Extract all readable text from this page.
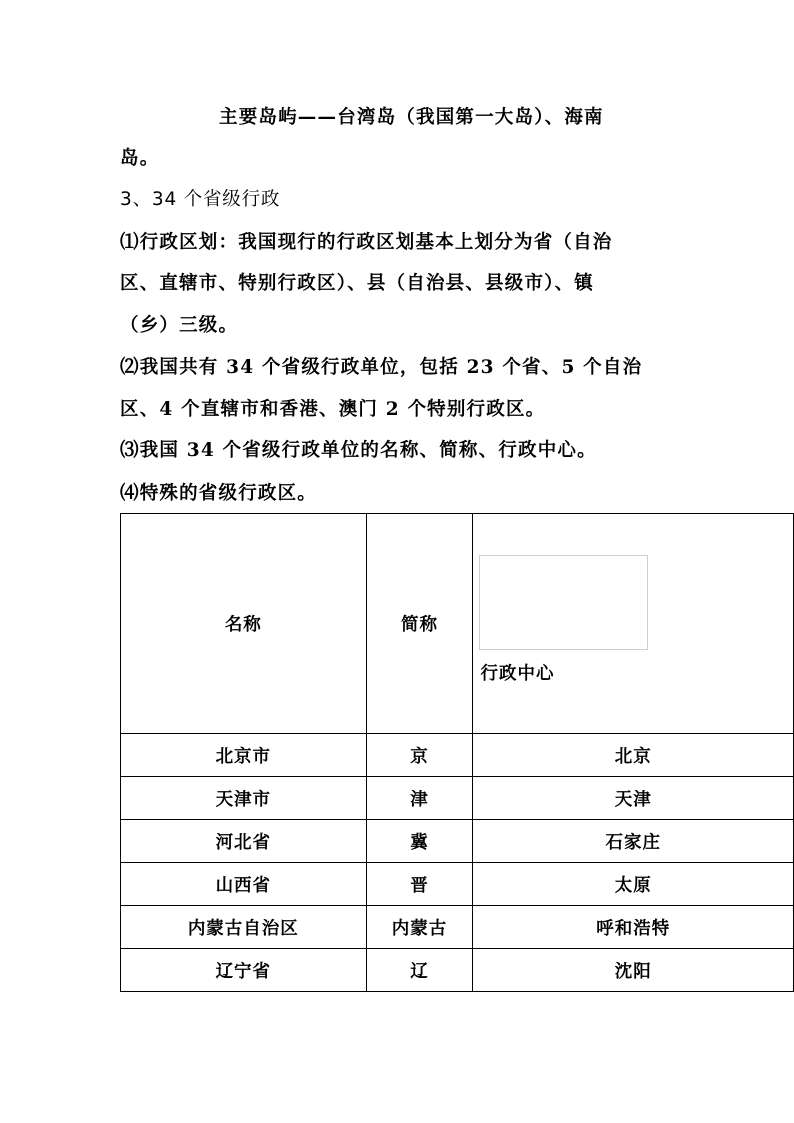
主要岛屿——台湾岛（我国第一大岛）、海南
岛。
3、34 个省级行政
⑴行政区划：我国现行的行政区划基本上划分为省（自治
区、直辖市、特别行政区）、县（自治县、县级市）、镇
（乡）三级。
⑵我国共有 34 个省级行政单位，包括 23 个省、5 个自治
区、4 个直辖市和香港、澳门 2 个特别行政区。
⑶我国 34 个省级行政单位的名称、简称、行政中心。
⑷特殊的省级行政区。
名称	简称	行政中心

北京市	京	北京
天津市	津	天津
河北省	冀	石家庄
山西省	晋	太原
内蒙古自治区	内蒙古	呼和浩特
辽宁省	辽	沈阳
